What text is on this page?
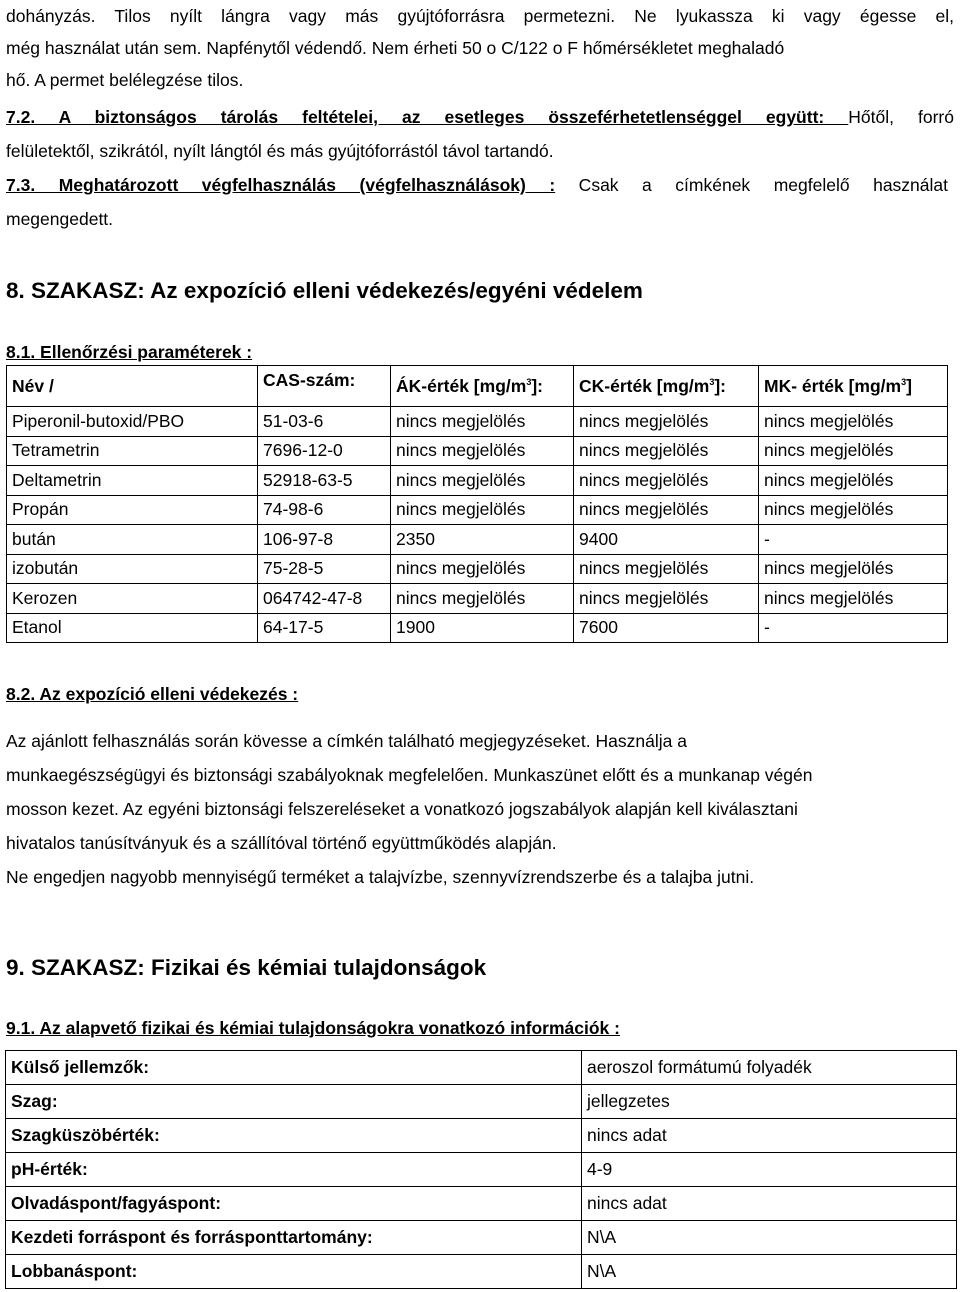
dohányzás. Tilos nyílt lángra vagy más gyújtóforrásra permetezni. Ne lyukassza ki vagy égesse el,

még használat után sem. Napfénytől védendő. Nem érheti 50 o C/122 o F hőmérsékletet meghaladó

hő. A permet belélegzése tilos.

7.2. A biztonságos tárolás feltételei, az esetleges összeférhetetlenséggel együtt: Hőtől, forró

felületektől, szikrától, nyílt lángtól és más gyújtóforrástól távol tartandó.

7.3. Meghatározott végfelhasználás (végfelhasználások) : Csak a címkének megfelelő használat

megengedett.

8. SZAKASZ: Az expozíció elleni védekezés/egyéni védelem

8.1. Ellenőrzési paraméterek :

Név /	CAS-szám:	ÁK-érték $[mg/m^3]$:	CK-érték $[mg/m^3]$:	MK- érték $[mg/m^3]$
Piperonil-butoxid/PBO	51-03-6	nincs megjelölés	nincs megjelölés	nincs megjelölés
Tetrametrin	7696-12-0	nincs megjelölés	nincs megjelölés	nincs megjelölés
Deltametrin	52918-63-5	nincs megjelölés	nincs megjelölés	nincs megjelölés
Propán	74-98-6	nincs megjelölés	nincs megjelölés	nincs megjelölés
bután	106-97-8	2350	9400	-
izobután	75-28-5	nincs megjelölés	nincs megjelölés	nincs megjelölés
Kerozen	064742-47-8	nincs megjelölés	nincs megjelölés	nincs megjelölés
Etanol	64-17-5	1900	7600	-

8.2. Az expozíció elleni védekezés :

Az ajánlott felhasználás során kövesse a címkén található megjegyzéseket. Használja a

munkaegészségügyi és biztonsági szabályoknak megfelelően. Munkaszünet előtt és a munkanap végén

mosson kezet. Az egyéni biztonsági felszereléseket a vonatkozó jogszabályok alapján kell kiválasztani

hivatalos tanúsítványuk és a szállítóval történő együttműködés alapján.

Ne engedjen nagyobb mennyiségű terméket a talajvízbe, szennyvízrendszerbe és a talajba jutni.

9. SZAKASZ: Fizikai és kémiai tulajdonságok

9.1. Az alapvető fizikai és kémiai tulajdonságokra vonatkozó információk :

Külső jellemzők:	aeroszol formátumú folyadék
Szag:	jellegzetes
Szagküszöbérték:	nincs adat
pH-érték:	4-9
Olvadáspont/fagyáspont:	nincs adat
Kezdeti forráspont és forrásponttartomány:	N\A
Lobbanáspont:	N\A
